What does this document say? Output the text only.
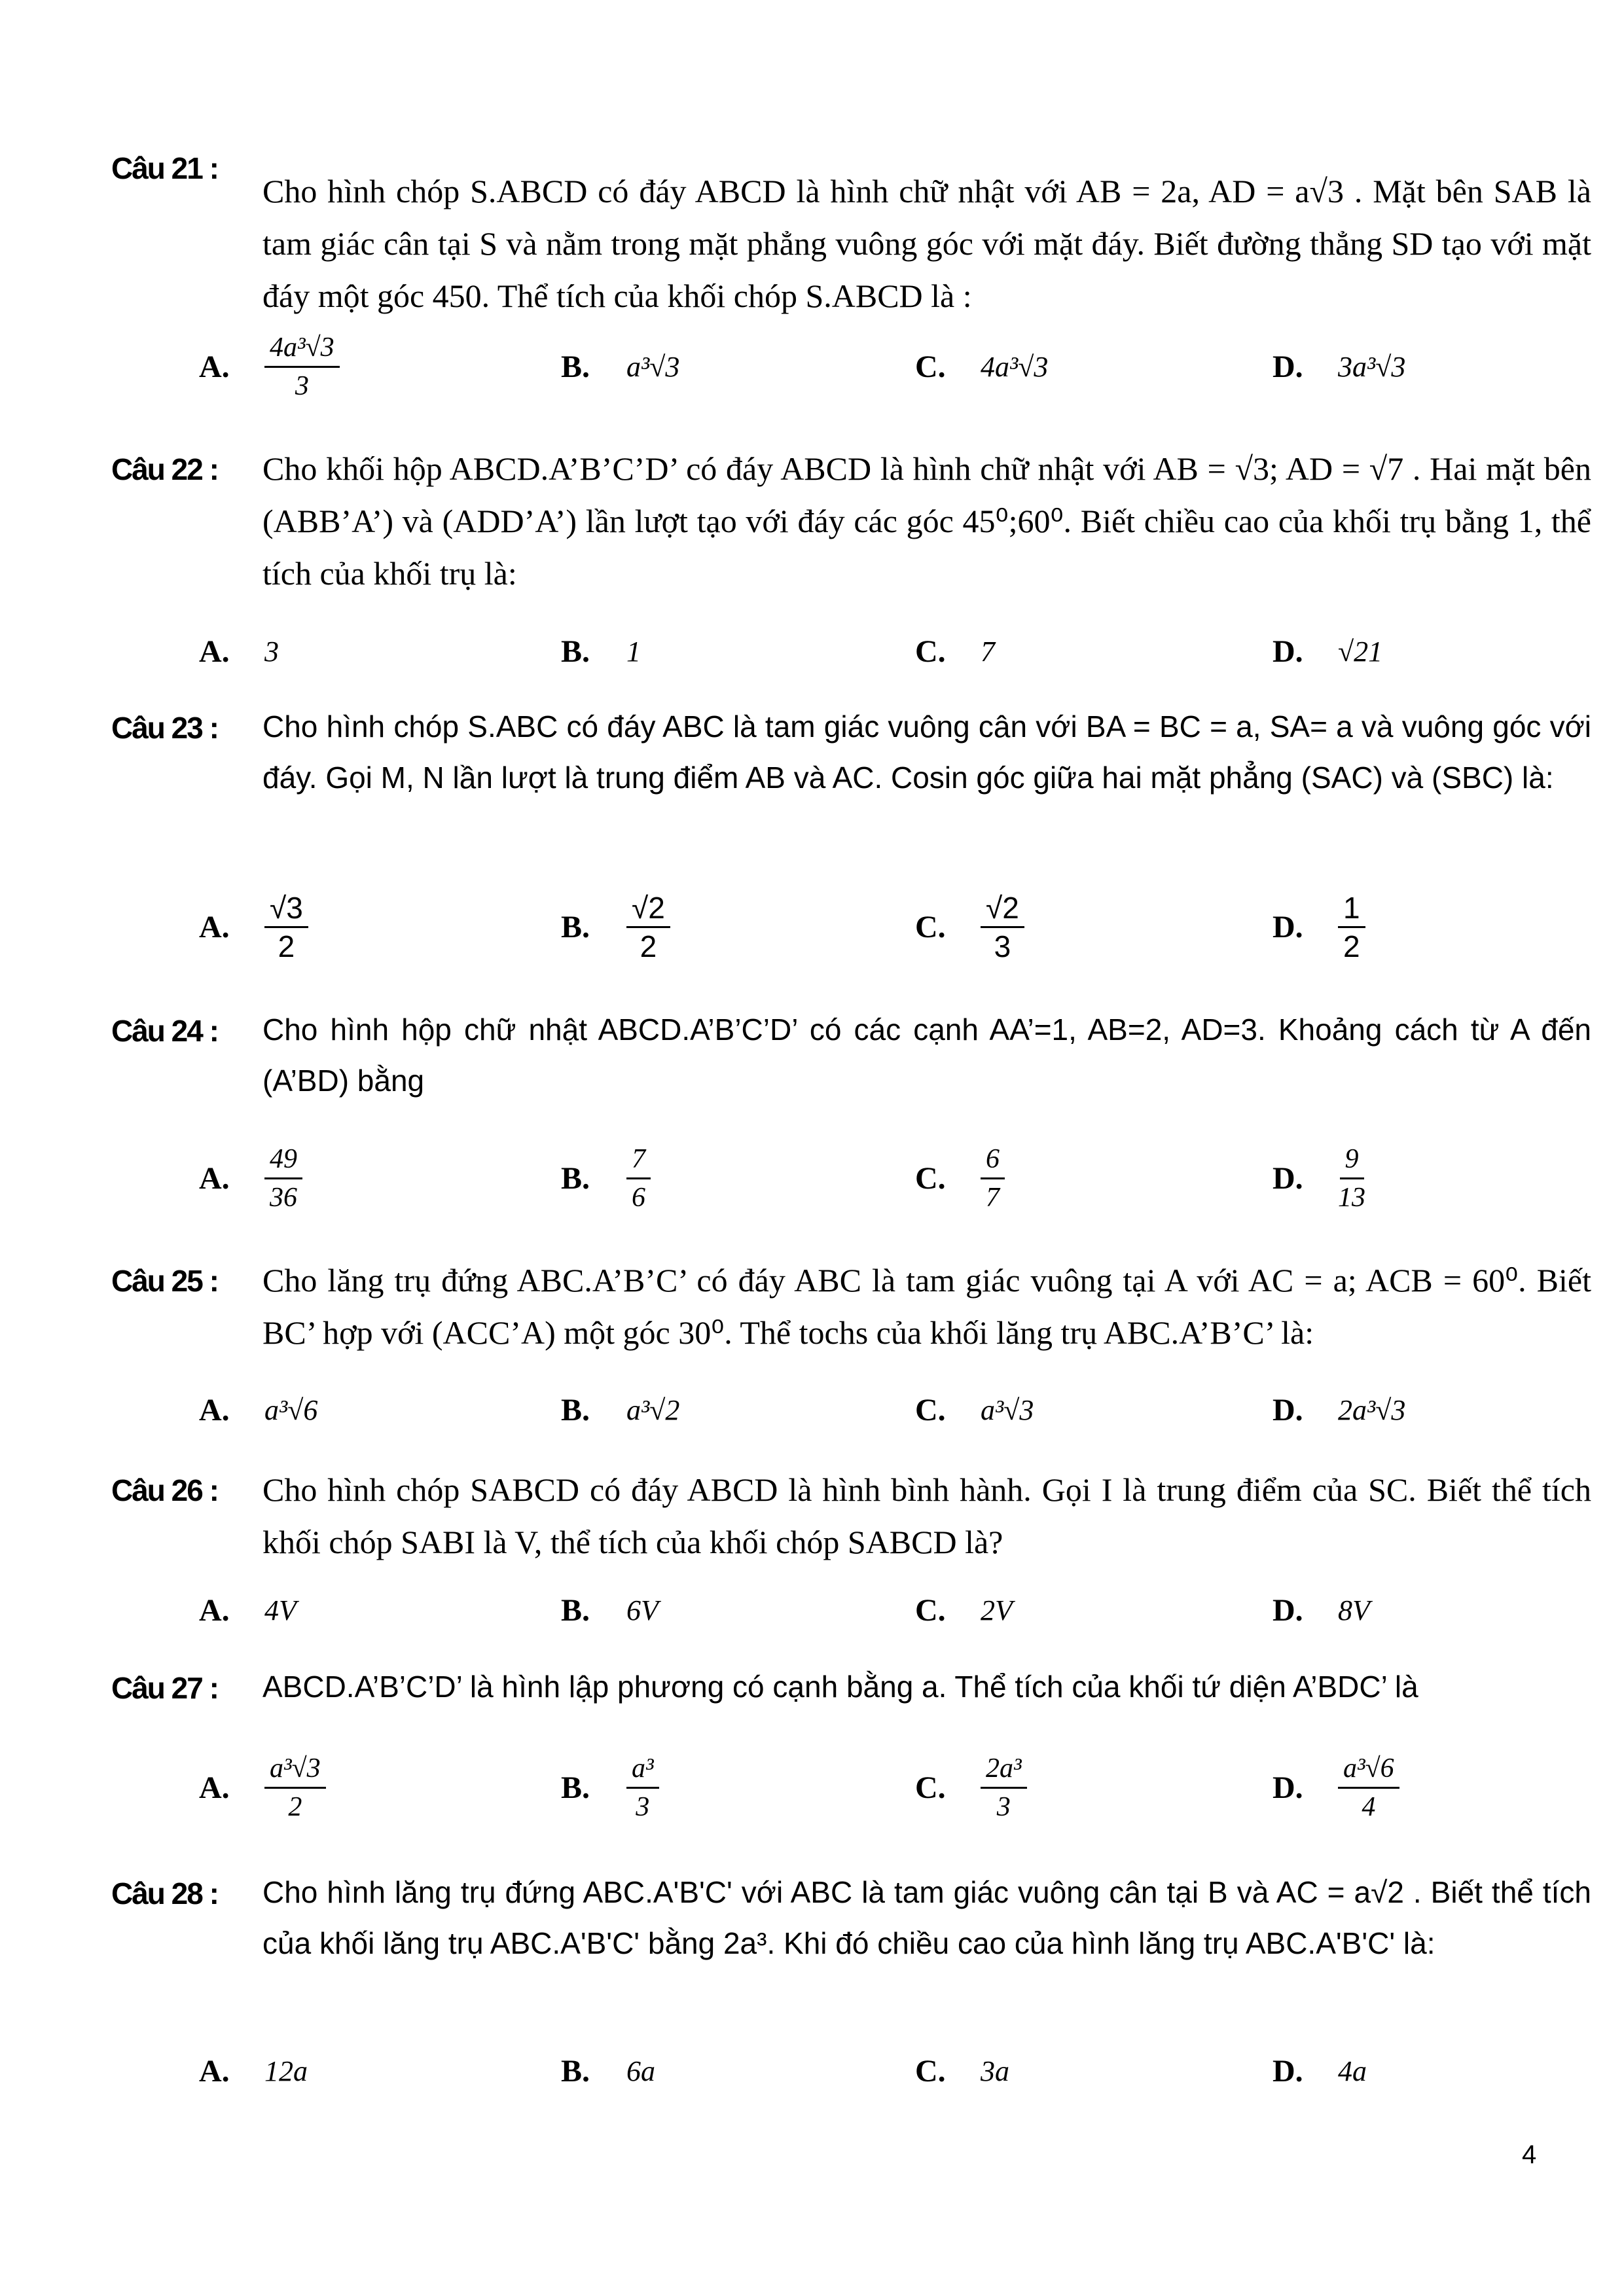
Câu 21 :
Cho hình chóp S.ABCD có đáy ABCD là hình chữ nhật với AB = 2a, AD = a√3 . Mặt bên SAB là tam giác cân tại S và nằm trong mặt phẳng vuông góc với mặt đáy. Biết đường thẳng SD tạo với mặt đáy một góc 450. Thể tích của khối chóp S.ABCD là :
A.	$\frac{\text{4a³√3}}{3}$	B.	a³√3	C.	4a³√3	D.	3a³√3
Câu 22 : Cho khối hộp ABCD.A’B’C’D’ có đáy ABCD là hình chữ nhật với AB = √3; AD = √7 . Hai mặt bên (ABB’A’) và (ADD’A’) lần lượt tạo với đáy các góc 45⁰;60⁰. Biết chiều cao của khối trụ bằng 1, thể tích của khối trụ là:
A.	3	B.	1	C.	7	D.	√21
Câu 23 : Cho hình chóp S.ABC có đáy ABC là tam giác vuông cân với BA = BC = a, SA= a và vuông góc với đáy. Gọi M, N lần lượt là trung điểm AB và AC. Cosin góc giữa hai mặt phẳng (SAC) và (SBC) là:
A.	$\frac{√3}{2}$	B.	$\frac{√2}{2}$	C.	$\frac{√2}{3}$	D.	$\frac{1}{2}$
Câu 24 : Cho hình hộp chữ nhật ABCD.A’B’C’D’ có các cạnh AA’=1, AB=2, AD=3. Khoảng cách từ A đến (A’BD) bằng
A.	$\frac{49}{36}$	B.	$\frac{7}{6}$	C.	$\frac{6}{7}$	D.	$\frac{9}{13}$
Câu 25 : Cho lăng trụ đứng ABC.A’B’C’ có đáy ABC là tam giác vuông tại A với AC = a; ACB = 60⁰. Biết BC’ hợp với (ACC’A) một góc 30⁰. Thể tochs của khối lăng trụ ABC.A’B’C’ là:
A.	a³√6	B.	a³√2	C.	a³√3	D.	2a³√3
Câu 26 : Cho hình chóp SABCD có đáy ABCD là hình bình hành. Gọi I là trung điểm của SC. Biết thể tích khối chóp SABI là V, thể tích của khối chóp SABCD là?
A.	4V	B.	6V	C.	2V	D.	8V
Câu 27 : ABCD.A’B’C’D’ là hình lập phương có cạnh bằng a. Thể tích của khối tứ diện A’BDC’ là
A.	$\frac{\text{a³√3}}{2}$	B.	$\frac{\text{a³}}{3}$	C.	$\frac{\text{2a³}}{3}$	D.	$\frac{\text{a³√6}}{4}$
Câu 28 : Cho hình lăng trụ đứng ABC.A'B'C' với ABC là tam giác vuông cân tại B và AC = a√2 . Biết thể tích của khối lăng trụ ABC.A'B'C' bằng 2a³. Khi đó chiều cao của hình lăng trụ ABC.A'B'C' là:
A.	12a	B.	6a	C.	3a	D.	4a
4
